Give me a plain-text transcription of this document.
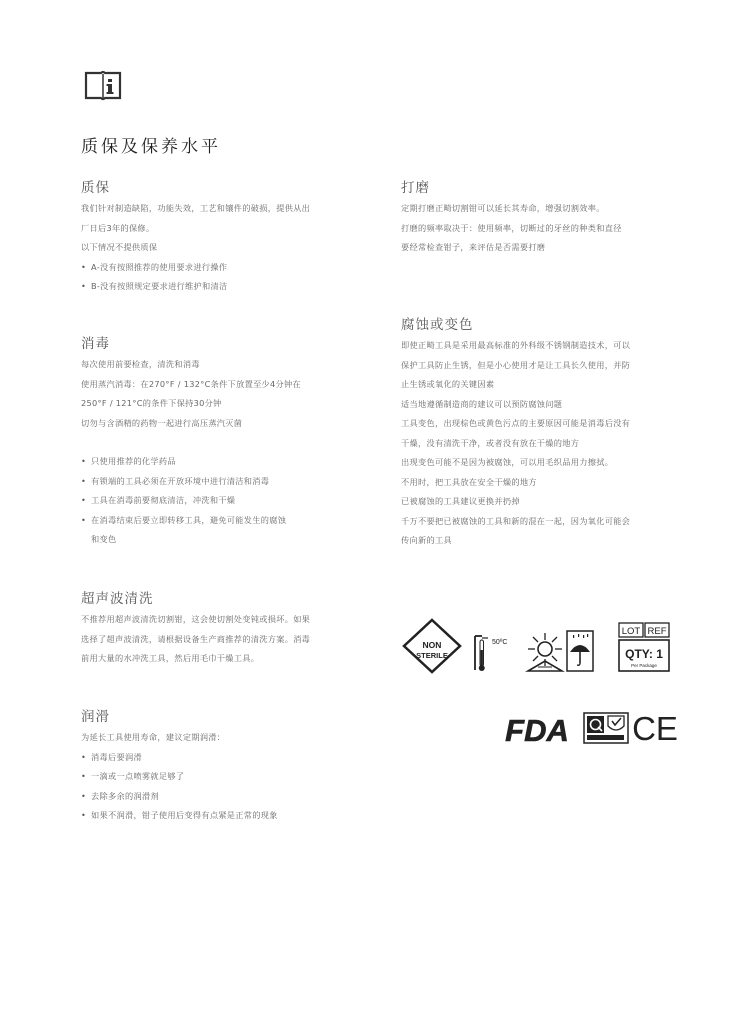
质保及保养水平
质保

我们针对制造缺陷，功能失效，工艺和镶件的破损，提供从出

厂日后3年的保修。

以下情况不提供质保

• A-没有按照推荐的使用要求进行操作
• B-没有按照规定要求进行维护和清洁
消毒

每次使用前要检查，清洗和消毒

使用蒸汽消毒：在270°F / 132°C条件下放置至少4分钟在

250°F / 121°C的条件下保持30分钟

切勿与含酒精的药物一起进行高压蒸汽灭菌

• 只使用推荐的化学药品
• 有锁端的工具必须在开放环境中进行清洁和消毒
• 工具在消毒前要彻底清洁，冲洗和干燥
• 在消毒结束后要立即转移工具，避免可能发生的腐蚀

和变色

超声波清洗

不推荐用超声波清洗切割钳，这会使切割处变钝或损坏。如果

选择了超声波清洗，请根据设备生产商推荐的清洗方案。消毒

前用大量的水冲洗工具，然后用毛巾干燥工具。

润滑

为延长工具使用寿命，建议定期润滑：

• 消毒后要润滑
• 一滴或一点喷雾就足够了
• 去除多余的润滑剂
• 如果不润滑，钳子使用后变得有点紧是正常的现象
打磨

定期打磨正畸切割钳可以延长其寿命，增强切割效率。

打磨的频率取决于：使用频率，切断过的牙丝的种类和直径

要经常检查钳子，来评估是否需要打磨

腐蚀或变色

即使正畸工具是采用最高标准的外科级不锈钢制造技术，可以

保护工具防止生锈，但是小心使用才是让工具长久使用，并防

止生锈或氧化的关键因素

适当地遵循制造商的建议可以预防腐蚀问题

工具变色，出现棕色或黄色污点的主要原因可能是消毒后没有

干燥，没有清洗干净，或者没有放在干燥的地方

出现变色可能不是因为被腐蚀，可以用毛织品用力擦拭。

不用时，把工具放在安全干燥的地方

已被腐蚀的工具建议更换并扔掉

千万不要把已被腐蚀的工具和新的混在一起，因为氧化可能会

传向新的工具

NON
STERILE
50ºC
LOT REF
QTY: 1
Per Package
FDA CE
